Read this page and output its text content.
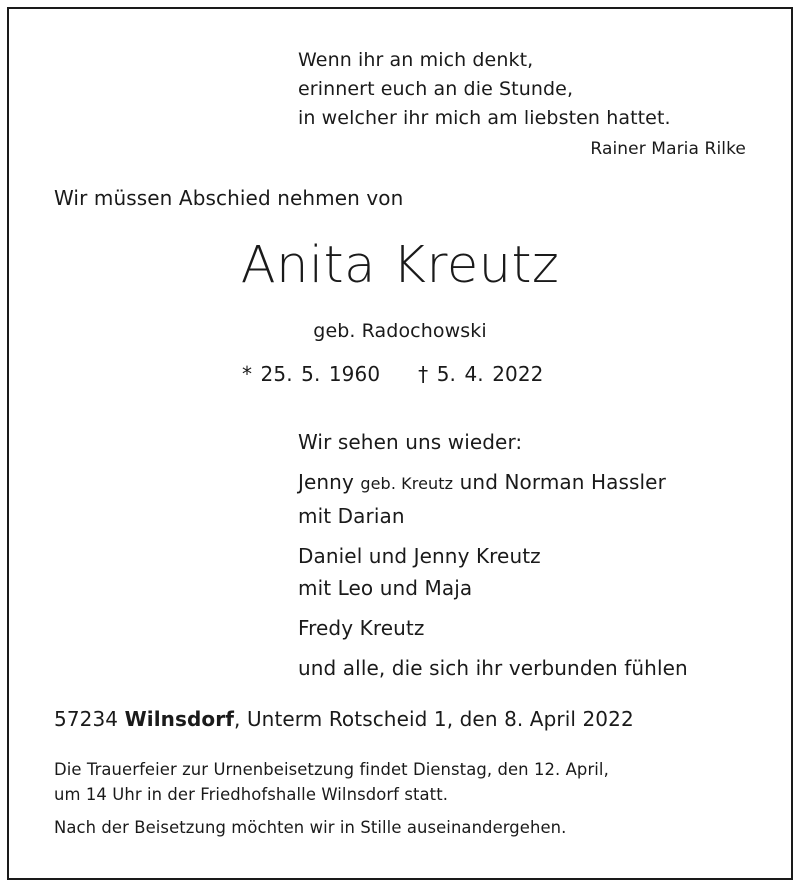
Wenn ihr an mich denkt,
erinnert euch an die Stunde,
in welcher ihr mich am liebsten hattet.
Rainer Maria Rilke
Wir müssen Abschied nehmen von
Anita Kreutz
geb. Radochowski
* 25. 5. 1960 † 5. 4. 2022
Wir sehen uns wieder:
Jenny geb. Kreutz und Norman Hassler
mit Darian
Daniel und Jenny Kreutz
mit Leo und Maja
Fredy Kreutz
und alle, die sich ihr verbunden fühlen
57234 Wilnsdorf, Unterm Rotscheid 1, den 8. April 2022
Die Trauerfeier zur Urnenbeisetzung findet Dienstag, den 12. April,
um 14 Uhr in der Friedhofshalle Wilnsdorf statt.
Nach der Beisetzung möchten wir in Stille auseinandergehen.
